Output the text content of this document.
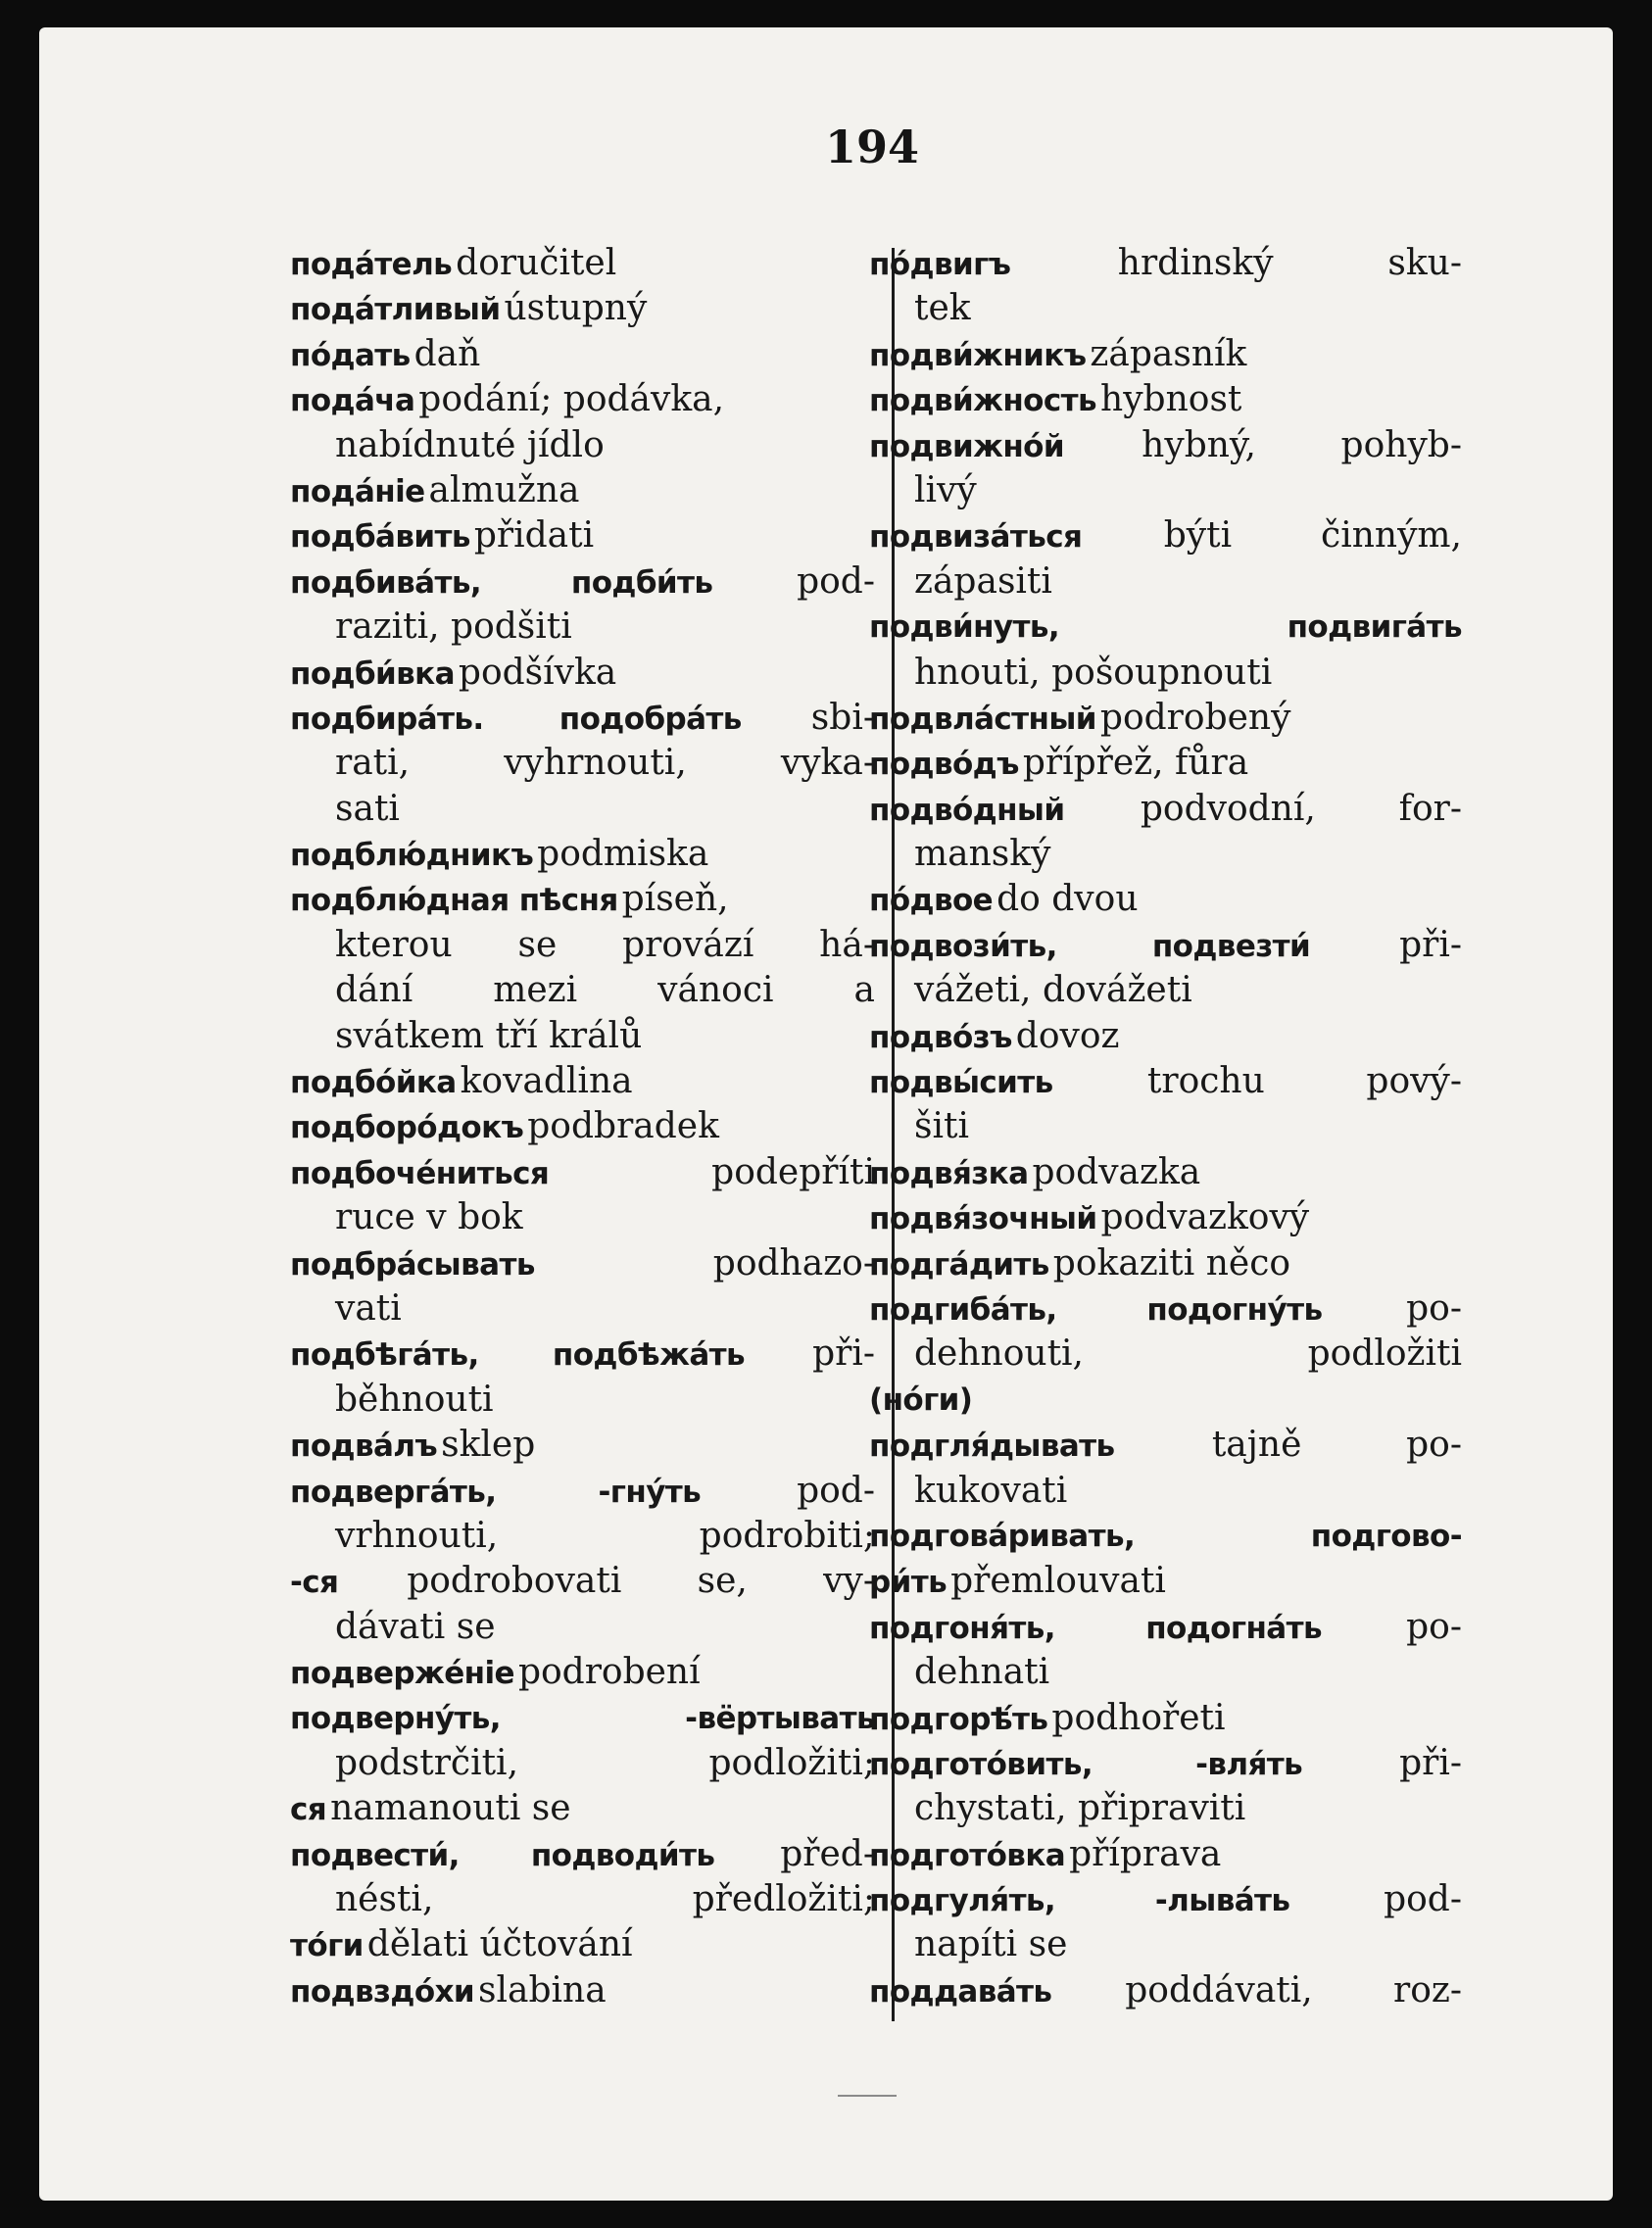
194
пода́тель doručitel
пода́тливый ústupný
по́дать daň
пода́ча podání; podávka,
nabídnuté jídlo
пода́ніе almužna
подба́вить přidati
подбива́ть, подби́ть pod-
raziti, podšiti
подби́вка podšívka
подбира́ть. подобра́ть sbi-
rati, vyhrnouti, vyka-
sati
подблю́дникъ podmiska
подблю́дная пѣсня píseň,
kterou se provází há-
dání mezi vánoci a
svátkem tří králů
подбо́йка kovadlina
подборо́докъ podbradek
подбоче́ниться	podepříti
ruce v bok
подбра́сывать	podhazo-
vati
подбѣга́ть, подбѣжа́ть při-
běhnouti
подва́лъ sklep
подверга́ть, -гну́ть	pod-
vrhnouti, podrobiti;
-ся podrobovati se, vy-
dávati se
подверже́ніе podrobení
подверну́ть, -вёртывать
podstrčiti, podložiti;
ся namanouti se
подвести́, подводи́ть před-
nésti, předložiti;
тóги dělati účtování
подвздóхи slabina
по́двигъ	hrdinský sku-
tek
подви́жникъ zápasník
подви́жность hybnost
подвижно́й hybný, pohyb-
livý
подвиза́ться býti činným,
zápasiti
подви́нуть, подвига́ть
hnouti, pošoupnouti
подвла́стный podrobený
подво́дъ přípřež, fůra
подво́дный podvodní, for-
manský
по́двое do dvou
подвози́ть, подвезти́	při-
vážeti, dovážeti
подво́зъ dovoz
подвы́сить	trochu pový-
šiti
подвя́зка podvazka
подвя́зочный podvazkový
подга́дить pokaziti něco
подгиба́ть, подогну́ть po-
dehnouti, podložiti
(но́ги)
подгля́дывать	tajně po-
kukovati
подгова́ривать, подгово-
ри́ть přemlouvati
подгоня́ть, подогна́ть po-
dehnati
подгорѣ́ть podhořeti
подгото́вить, -вля́ть	při-
chystati, připraviti
подгото́вка příprava
подгуля́ть, -лыва́ть	pod-
napíti se
поддава́ть poddávati, roz-
